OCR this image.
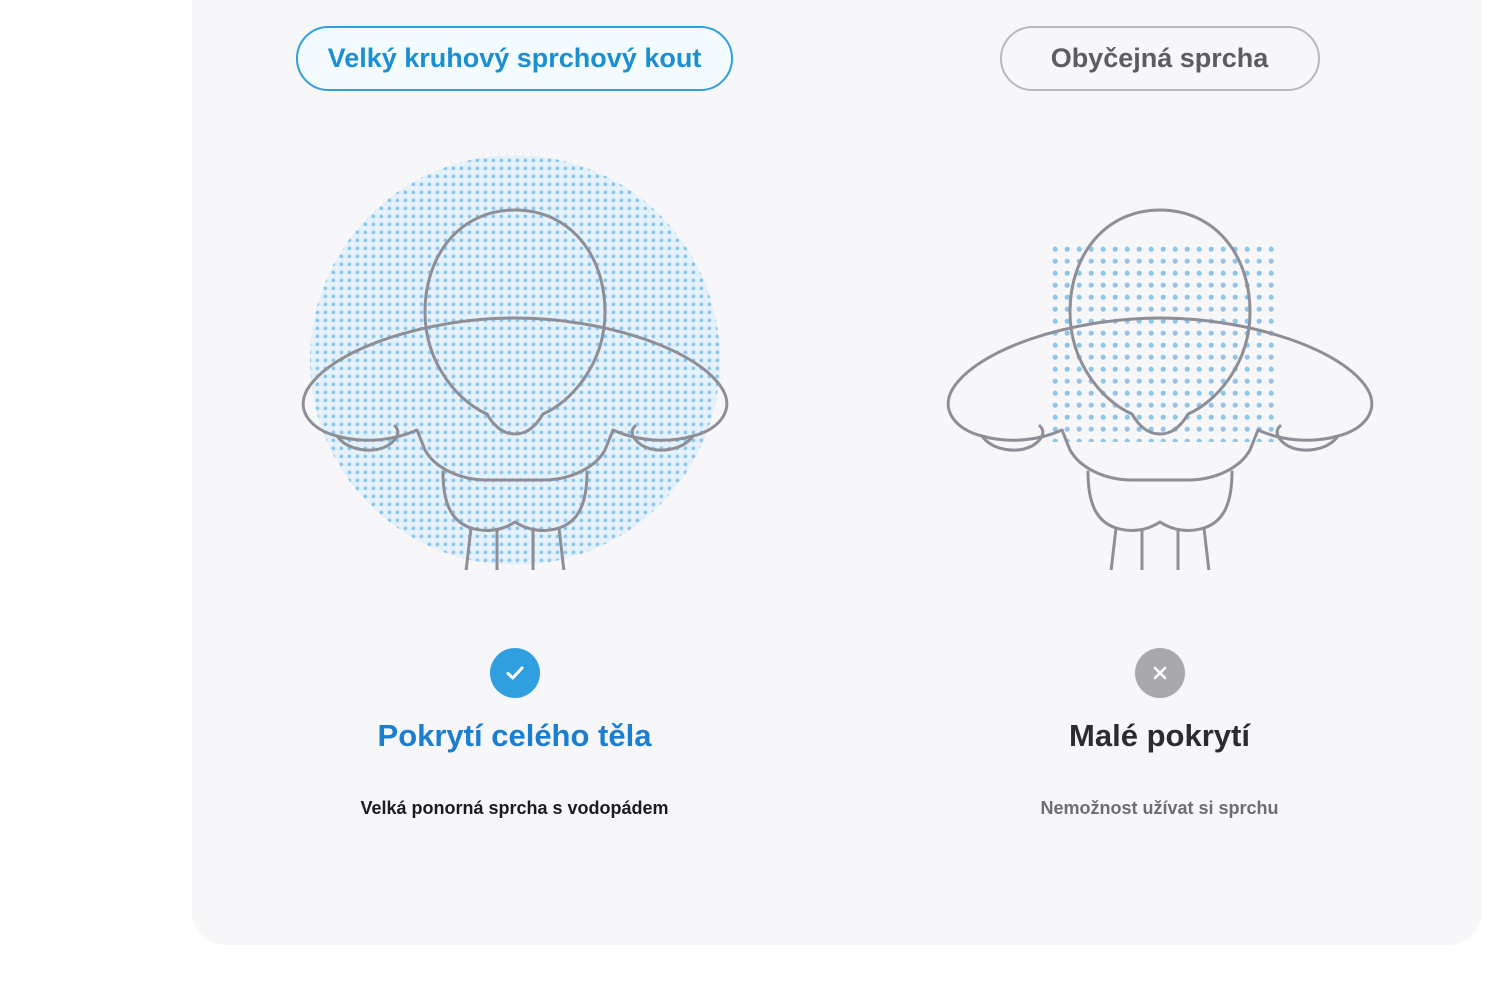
Velký kruhový sprchový kout
Pokrytí celého těla
Velká ponorná sprcha s vodopádem
Obyčejná sprcha
Malé pokrytí
Nemožnost užívat si sprchu
